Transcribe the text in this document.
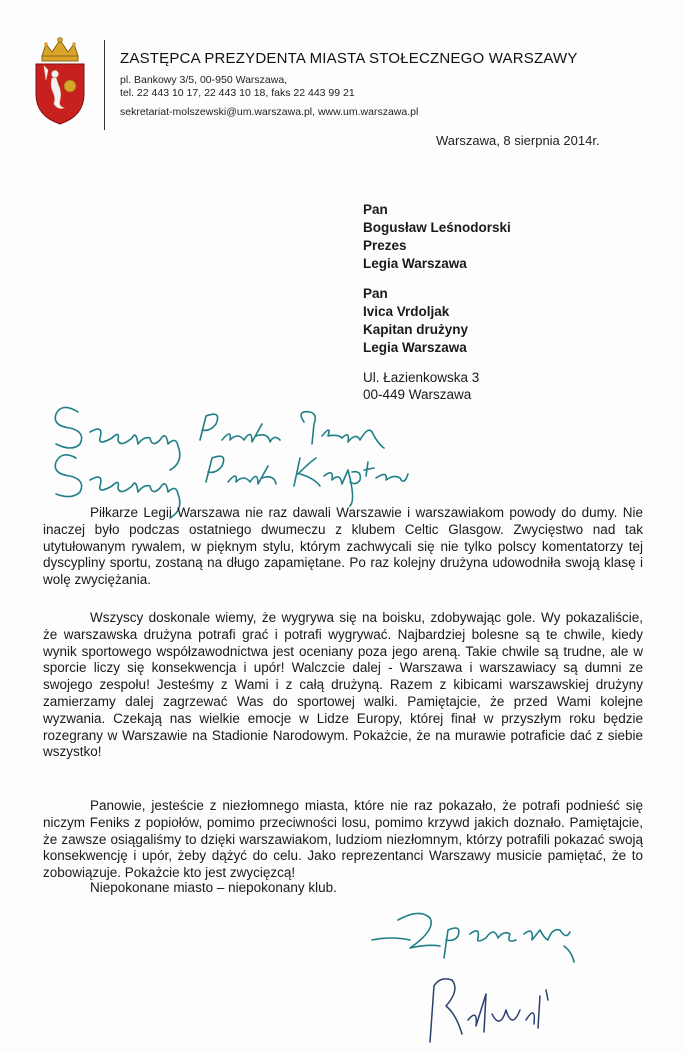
ZASTĘPCA PREZYDENTA MIASTA STOŁECZNEGO WARSZAWY

pl. Bankowy 3/5, 00-950 Warszawa,

tel. 22 443 10 17, 22 443 10 18, faks 22 443 99 21

sekretariat-molszewski@um.warszawa.pl, www.um.warszawa.pl

Warszawa, 8 sierpnia 2014r.
Pan
Bogusław Leśnodorski
Prezes
Legia Warszawa
Pan
Ivica Vrdoljak
Kapitan drużyny
Legia Warszawa
Ul. Łazienkowska 3
00-449 Warszawa

Piłkarze Legii Warszawa nie raz dawali Warszawie i warszawiakom powody do dumy. Nie inaczej było podczas ostatniego dwumeczu z klubem Celtic Glasgow. Zwycięstwo nad tak utytułowanym rywalem, w pięknym stylu, którym zachwycali się nie tylko polscy komentatorzy tej dyscypliny sportu, zostaną na długo zapamiętane. Po raz kolejny drużyna udowodniła swoją klasę i wolę zwyciężania.

Wszyscy doskonale wiemy, że wygrywa się na boisku, zdobywając gole. Wy pokazaliście, że warszawska drużyna potrafi grać i potrafi wygrywać. Najbardziej bolesne są te chwile, kiedy wynik sportowego współzawodnictwa jest oceniany poza jego areną. Takie chwile są trudne, ale w sporcie liczy się konsekwencja i upór! Walczcie dalej - Warszawa i warszawiacy są dumni ze swojego zespołu! Jesteśmy z Wami i z całą drużyną. Razem z kibicami warszawskiej drużyny zamierzamy dalej zagrzewać Was do sportowej walki. Pamiętajcie, że przed Wami kolejne wyzwania. Czekają nas wielkie emocje w Lidze Europy, której finał w przyszłym roku będzie rozegrany w Warszawie na Stadionie Narodowym. Pokażcie, że na murawie potraficie dać z siebie wszystko!

Panowie, jesteście z niezłomnego miasta, które nie raz pokazało, że potrafi podnieść się niczym Feniks z popiołów, pomimo przeciwności losu, pomimo krzywd jakich doznało. Pamiętajcie, że zawsze osiągaliśmy to dzięki warszawiakom, ludziom niezłomnym, którzy potrafili pokazać swoją konsekwencję i upór, żeby dążyć do celu. Jako reprezentanci Warszawy musicie pamiętać, że to zobowiązuje. Pokażcie kto jest zwycięzcą!

Niepokonane miasto – niepokonany klub.
